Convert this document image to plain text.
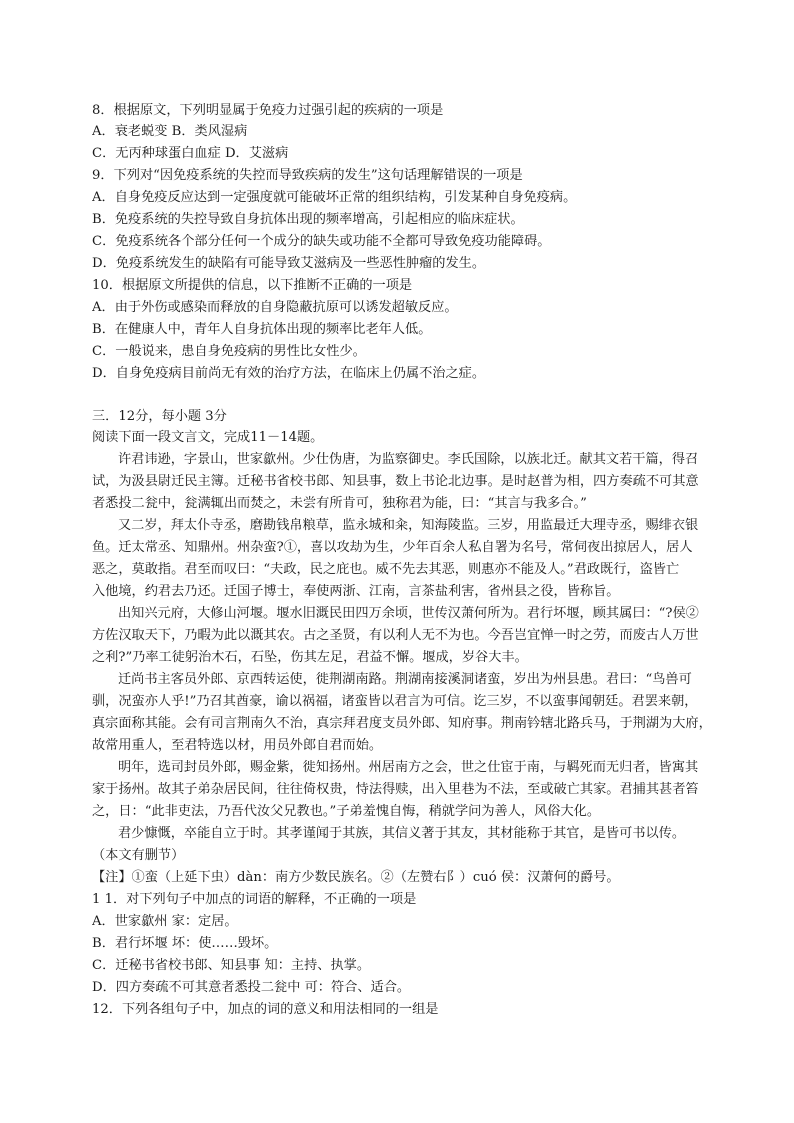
8．根据原文，下列明显属于免疫力过强引起的疾病的一项是
A．衰老蜕变 B．类风湿病
C．无丙种球蛋白血症 D．艾滋病
9．下列对“因免疫系统的失控而导致疾病的发生”这句话理解错误的一项是
A．自身免疫反应达到一定强度就可能破坏正常的组织结构，引发某种自身免疫病。
B．免疫系统的失控导致自身抗体出现的频率增高，引起相应的临床症状。
C．免疫系统各个部分任何一个成分的缺失或功能不全都可导致免疫功能障碍。
D．免疫系统发生的缺陷有可能导致艾滋病及一些恶性肿瘤的发生。
10．根据原文所提供的信息，以下推断不正确的一项是
A．由于外伤或感染而释放的自身隐蔽抗原可以诱发超敏反应。
B．在健康人中，青年人自身抗体出现的频率比老年人低。
C．一般说来，患自身免疫病的男性比女性少。
D．自身免疫病目前尚无有效的治疗方法，在临床上仍属不治之症。
三．12分，每小题 3分
阅读下面一段文言文，完成11－14题。
许君讳逊，字景山，世家歙州。少仕伪唐，为监察御史。李氏国除，以族北迁。献其文若干篇，得召
试，为汲县尉迁民主簿。迁秘书省校书郎、知县事，数上书论北边事。是时赵普为相，四方奏疏不可其意
者悉投二瓮中，瓮满辄出而焚之，未尝有所肯可，独称君为能，曰：“其言与我多合。”
又二岁，拜太仆寺丞，磨勘钱帛粮草，监永城和籴，知海陵监。三岁，用监最迁大理寺丞，赐绯衣银
鱼。迁太常丞、知鼎州。州杂蛮?①，喜以攻劫为生，少年百余人私自署为名号，常伺夜出掠居人，居人
恶之，莫敢指。君至而叹曰：“夫政，民之庇也。威不先去其恶，则惠亦不能及人。”君政既行，盗皆亡
入他境，约君去乃还。迁国子博士，奉使两浙、江南，言茶盐利害，省州县之役，皆称旨。
出知兴元府，大修山河堰。堰水旧溉民田四万余顷，世传汉萧何所为。君行坏堰，顾其属曰：“?侯②
方佐汉取天下，乃暇为此以溉其农。古之圣贤，有以利人无不为也。今吾岂宜惮一时之劳，而废古人万世
之利?”乃率工徒躬治木石，石坠，伤其左足，君益不懈。堰成，岁谷大丰。
迁尚书主客员外郎、京西转运使，徙荆湖南路。荆湖南接溪洞诸蛮，岁出为州县患。君曰：“鸟兽可
驯，况蛮亦人乎!”乃召其酋豪，谕以祸福，诸蛮皆以君言为可信。讫三岁，不以蛮事闻朝廷。君罢来朝，
真宗面称其能。会有司言荆南久不治，真宗拜君度支员外郎、知府事。荆南钤辖北路兵马，于荆湖为大府，
故常用重人，至君特选以材，用员外郎自君而始。
明年，选司封员外郎，赐金紫，徙知扬州。州居南方之会，世之仕宦于南，与羁死而无归者，皆寓其
家于扬州。故其子弟杂居民间，往往倚权贵，恃法得赎，出入里巷为不法，至或破亡其家。君捕其甚者笞
之，日：“此非吏法，乃吾代汝父兄教也。”子弟羞愧自悔，稍就学问为善人，风俗大化。
君少慷慨，卒能自立于时。其孝谨闻于其族，其信义著于其友，其材能称于其官，是皆可书以传。
（本文有删节）
【注】①蛮（上延下虫）dàn：南方少数民族名。②（左赞右阝）cuó 侯：汉萧何的爵号。
1 1．对下列句子中加点的词语的解释，不正确的一项是
A．世家歙州 家：定居。
B．君行坏堰 坏：使……毁坏。
C．迁秘书省校书郎、知县事 知：主持、执掌。
D．四方奏疏不可其意者悉投二瓮中 可：符合、适合。
12．下列各组句子中，加点的词的意义和用法相同的一组是
